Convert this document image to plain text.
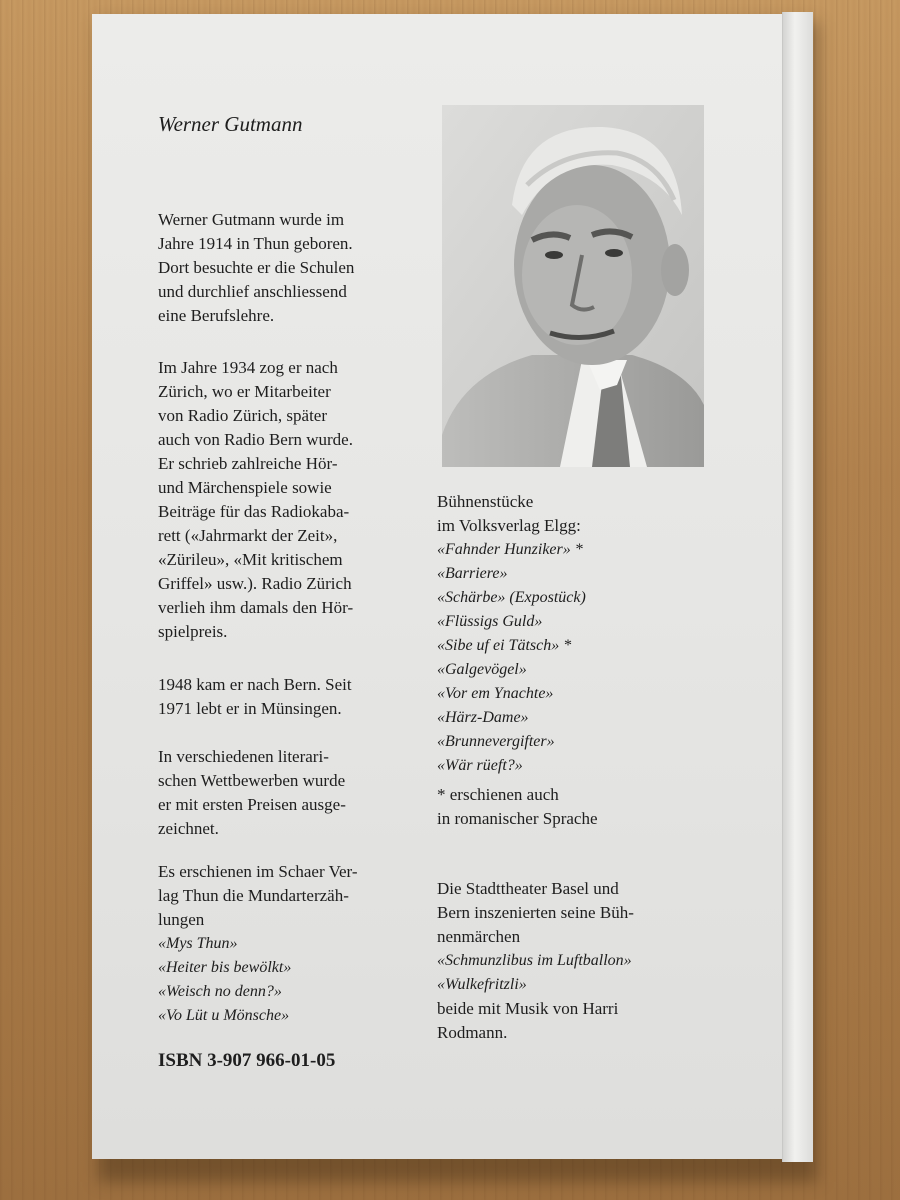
Werner Gutmann

Werner Gutmann wurde im

Jahre 1914 in Thun geboren.

Dort besuchte er die Schulen

und durchlief anschliessend

eine Berufslehre.

Im Jahre 1934 zog er nach

Zürich, wo er Mitarbeiter

von Radio Zürich, später

auch von Radio Bern wurde.

Er schrieb zahlreiche Hör-

und Märchenspiele sowie

Beiträge für das Radiokaba-

rett («Jahrmarkt der Zeit»,

«Zürileu», «Mit kritischem

Griffel» usw.). Radio Zürich

verlieh ihm damals den Hör-

spielpreis.

1948 kam er nach Bern. Seit

1971 lebt er in Münsingen.

In verschiedenen literari-

schen Wettbewerben wurde

er mit ersten Preisen ausge-

zeichnet.

Es erschienen im Schaer Ver-

lag Thun die Mundarterzäh-

lungen

«Mys Thun»

«Heiter bis bewölkt»

«Weisch no denn?»

«Vo Lüt u Mönsche»

ISBN 3-907 966-01-05

Bühnenstücke

im Volksverlag Elgg:

«Fahnder Hunziker» *

«Barriere»

«Schärbe» (Expostück)

«Flüssigs Guld»

«Sibe uf ei Tätsch» *

«Galgevögel»

«Vor em Ynachte»

«Härz-Dame»

«Brunnevergifter»

«Wär rüeft?»

* erschienen auch

in romanischer Sprache

Die Stadttheater Basel und

Bern inszenierten seine Büh-

nenmärchen

«Schmunzlibus im Luftballon»

«Wulkefritzli»

beide mit Musik von Harri

Rodmann.
